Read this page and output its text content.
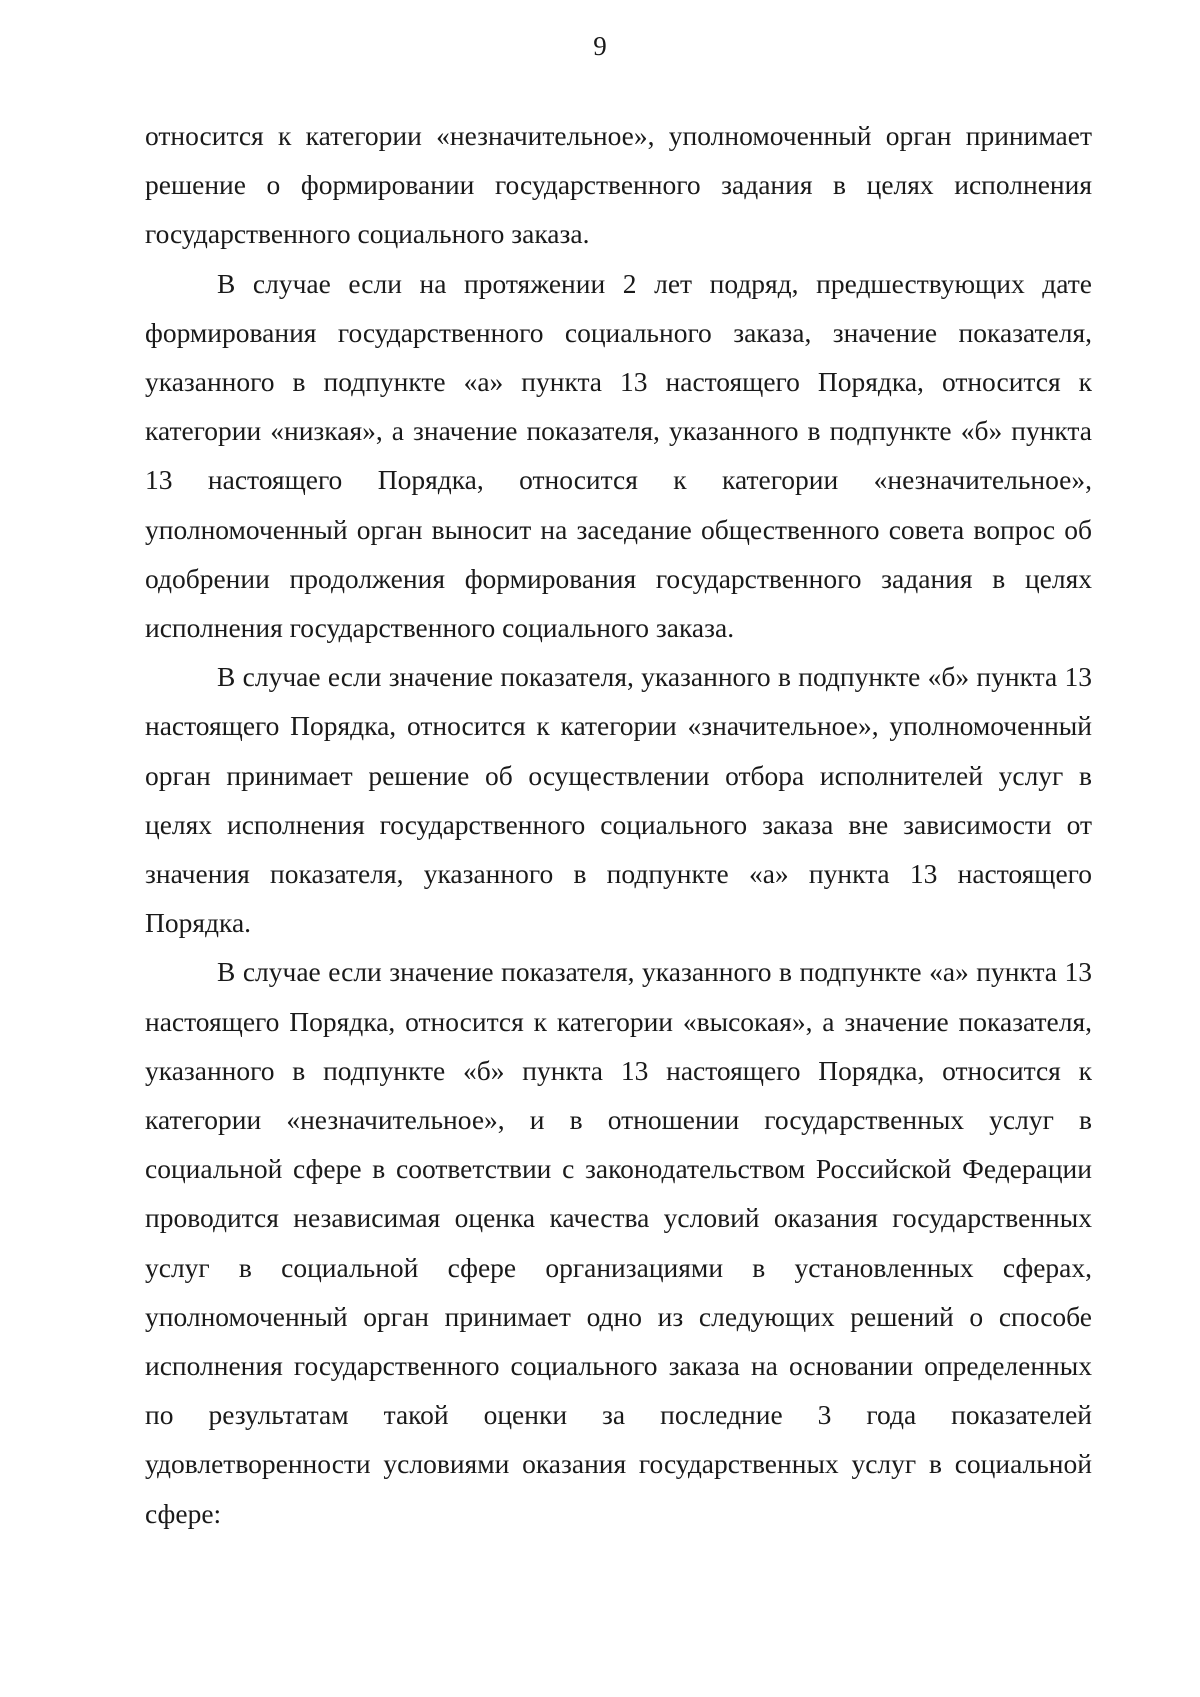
9

относится к категории «незначительное», уполномоченный орган принимает решение о формировании государственного задания в целях исполнения государственного социального заказа.

В случае если на протяжении 2 лет подряд, предшествующих дате формирования государственного социального заказа, значение показателя, указанного в подпункте «а» пункта 13 настоящего Порядка, относится к категории «низкая», а значение показателя, указанного в подпункте «б» пункта 13 настоящего Порядка, относится к категории «незначительное», уполномоченный орган выносит на заседание общественного совета вопрос об одобрении продолжения формирования государственного задания в целях исполнения государственного социального заказа.

В случае если значение показателя, указанного в подпункте «б» пункта 13 настоящего Порядка, относится к категории «значительное», уполномоченный орган принимает решение об осуществлении отбора исполнителей услуг в целях исполнения государственного социального заказа вне зависимости от значения показателя, указанного в подпункте «а» пункта 13 настоящего Порядка.

В случае если значение показателя, указанного в подпункте «а» пункта 13 настоящего Порядка, относится к категории «высокая», а значение показателя, указанного в подпункте «б» пункта 13 настоящего Порядка, относится к категории «незначительное», и в отношении государственных услуг в социальной сфере в соответствии с законодательством Российской Федерации проводится независимая оценка качества условий оказания государственных услуг в социальной сфере организациями в установленных сферах, уполномоченный орган принимает одно из следующих решений о способе исполнения государственного социального заказа на основании определенных по результатам такой оценки за последние 3 года показателей удовлетворенности условиями оказания государственных услуг в социальной сфере:
